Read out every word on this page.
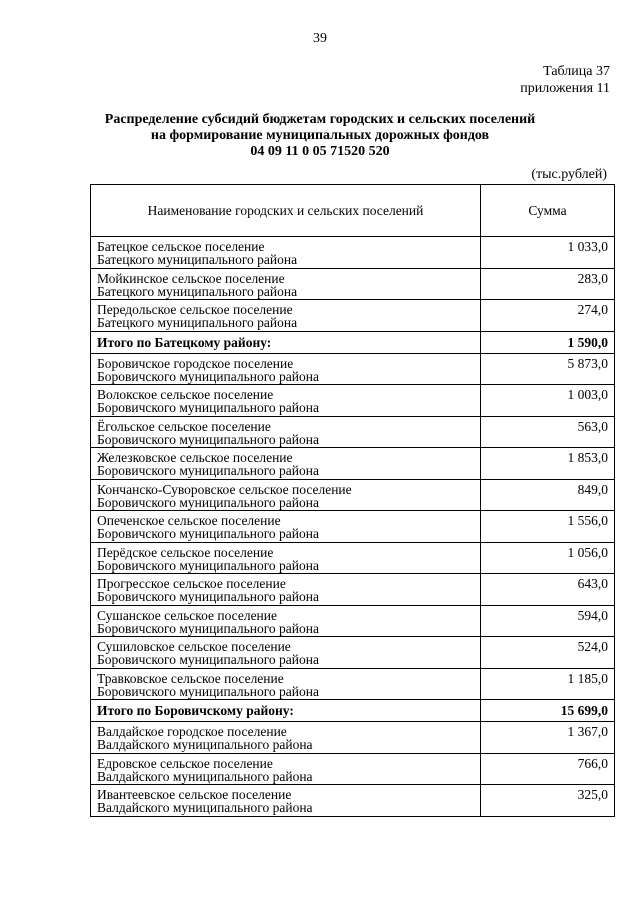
39
Таблица 37
приложения 11
Распределение субсидий бюджетам городских и сельских поселений
на формирование муниципальных дорожных фондов
04 09 11 0 05 71520 520
(тыс.рублей)
Наименование городских и сельских поселений	Сумма

Батецкое сельское поселение
Батецкого муниципального района	1 033,0

Мойкинское сельское поселение
Батецкого муниципального района	283,0

Передольское сельское поселение
Батецкого муниципального района	274,0
Итого по Батецкому району:	1 590,0

Боровичское городское поселение
Боровичского муниципального района	5 873,0

Волокское сельское поселение
Боровичского муниципального района	1 003,0

Ёгольское сельское поселение
Боровичского муниципального района	563,0

Железковское сельское поселение
Боровичского муниципального района	1 853,0

Кончанско-Суворовское сельское поселение
Боровичского муниципального района	849,0

Опеченское сельское поселение
Боровичского муниципального района	1 556,0

Перёдское сельское поселение
Боровичского муниципального района	1 056,0

Прогресское сельское поселение
Боровичского муниципального района	643,0

Сушанское сельское поселение
Боровичского муниципального района	594,0

Сушиловское сельское поселение
Боровичского муниципального района	524,0

Травковское сельское поселение
Боровичского муниципального района	1 185,0
Итого по Боровичскому району:	15 699,0

Валдайское городское поселение
Валдайского муниципального района	1 367,0

Едровское сельское поселение
Валдайского муниципального района	766,0

Ивантеевское сельское поселение
Валдайского муниципального района	325,0
